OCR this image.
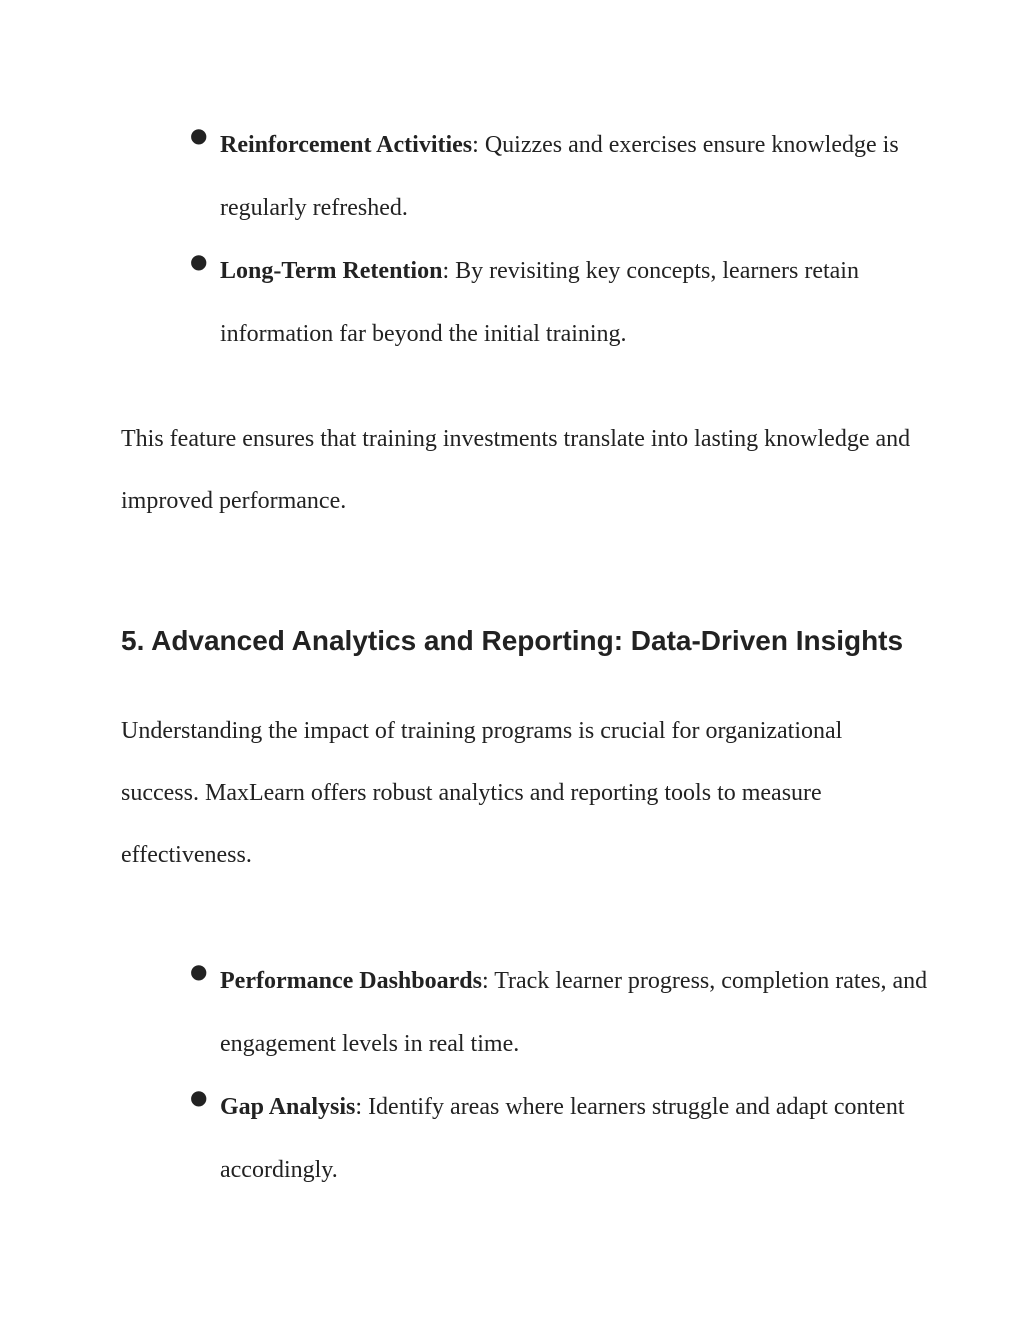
● Reinforcement Activities: Quizzes and exercises ensure knowledge is regularly refreshed.
● Long-Term Retention: By revisiting key concepts, learners retain information far beyond the initial training.

This feature ensures that training investments translate into lasting knowledge and improved performance.

5. Advanced Analytics and Reporting: Data-Driven Insights

Understanding the impact of training programs is crucial for organizational success. MaxLearn offers robust analytics and reporting tools to measure effectiveness.

● Performance Dashboards: Track learner progress, completion rates, and engagement levels in real time.
● Gap Analysis: Identify areas where learners struggle and adapt content accordingly.
